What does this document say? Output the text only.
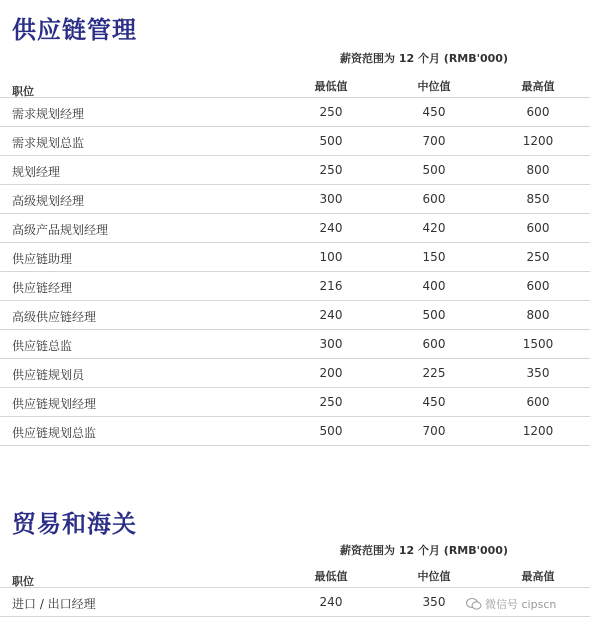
供应链管理
薪资范围为 12 个月 (RMB'000)
职位	最低值	中位值	最高值
需求规划经理	250	450	600
需求规划总监	500	700	1200
规划经理	250	500	800
高级规划经理	300	600	850
高级产品规划经理	240	420	600
供应链助理	100	150	250
供应链经理	216	400	600
高级供应链经理	240	500	800
供应链总监	300	600	1500
供应链规划员	200	225	350
供应链规划经理	250	450	600
供应链规划总监	500	700	1200
贸易和海关
薪资范围为 12 个月 (RMB'000)
职位	最低值	中位值	最高值
进口 / 出口经理	240	350	微信号 cipscn
